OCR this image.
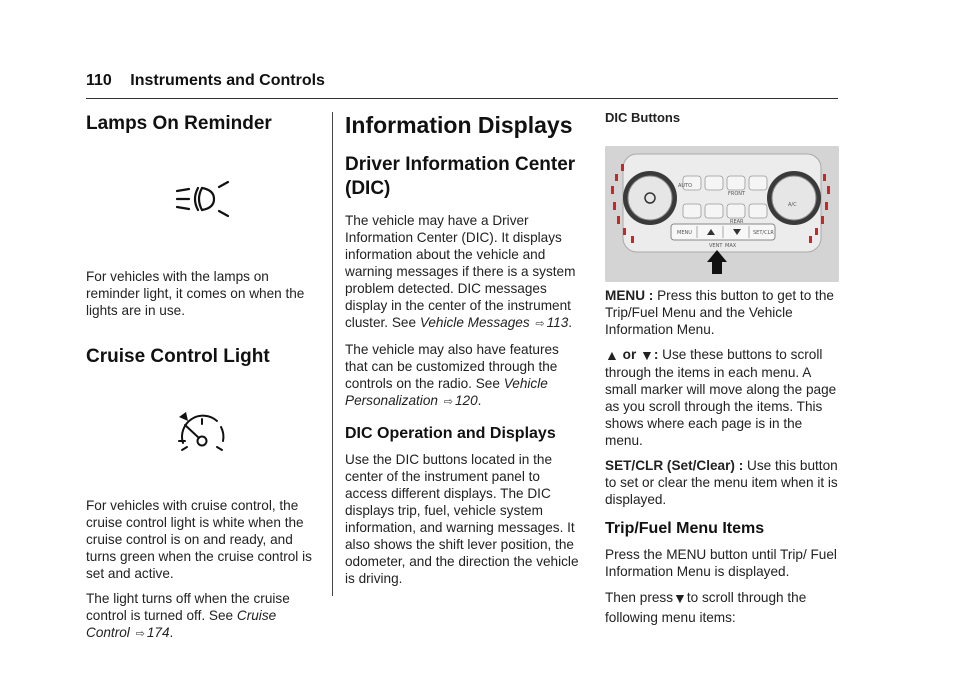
110 Instruments and Controls
Lamps On Reminder

For vehicles with the lamps on reminder light, it comes on when the lights are in use.

Cruise Control Light

For vehicles with cruise control, the cruise control light is white when the cruise control is on and ready, and turns green when the cruise control is set and active.

The light turns off when the cruise control is turned off. See Cruise Control ⇨ 174.

Information Displays
Driver Information Center (DIC)

The vehicle may have a Driver Information Center (DIC). It displays information about the vehicle and warning messages if there is a system problem detected. DIC messages display in the center of the instrument cluster. See Vehicle Messages ⇨ 113.

The vehicle may also have features that can be customized through the controls on the radio. See Vehicle Personalization ⇨ 120.

DIC Operation and Displays

Use the DIC buttons located in the center of the instrument panel to access different displays. The DIC displays trip, fuel, vehicle system information, and warning messages. It also shows the shift lever position, the odometer, and the direction the vehicle is driving.

DIC Buttons
AUTO
FRONT
REAR
A/C
MENU	SET/CLR
VENT MAX

MENU : Press this button to get to the Trip/Fuel Menu and the Vehicle Information Menu.

▲ or ▼: Use these buttons to scroll through the items in each menu. A small marker will move along the page as you scroll through the items. This shows where each page is in the menu.

SET/CLR (Set/Clear) : Use this button to set or clear the menu item when it is displayed.

Trip/Fuel Menu Items

Press the MENU button until Trip/ Fuel Information Menu is displayed.

Then press▼to scroll through the following menu items:
